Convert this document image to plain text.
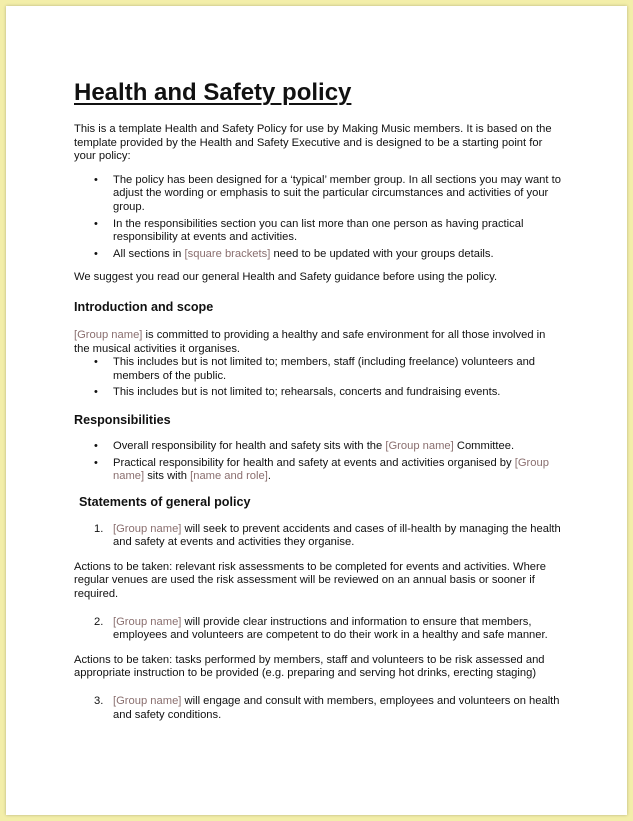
Health and Safety policy

This is a template Health and Safety Policy for use by Making Music members. It is based on the template provided by the Health and Safety Executive and is designed to be a starting point for your policy:

• The policy has been designed for a ‘typical’ member group. In all sections you may want to adjust the wording or emphasis to suit the particular circumstances and activities of your group.
• In the responsibilities section you can list more than one person as having practical responsibility at events and activities.
• All sections in [square brackets] need to be updated with your groups details.

We suggest you read our general Health and Safety guidance before using the policy.

Introduction and scope

[Group name] is committed to providing a healthy and safe environment for all those involved in the musical activities it organises.

• This includes but is not limited to; members, staff (including freelance) volunteers and members of the public.
• This includes but is not limited to; rehearsals, concerts and fundraising events.
Responsibilities
• Overall responsibility for health and safety sits with the [Group name] Committee.
• Practical responsibility for health and safety at events and activities organised by [Group name] sits with [name and role].
Statements of general policy
1. [Group name] will seek to prevent accidents and cases of ill-health by managing the health and safety at events and activities they organise.

Actions to be taken: relevant risk assessments to be completed for events and activities. Where regular venues are used the risk assessment will be reviewed on an annual basis or sooner if required.

2. [Group name] will provide clear instructions and information to ensure that members, employees and volunteers are competent to do their work in a healthy and safe manner.

Actions to be taken: tasks performed by members, staff and volunteers to be risk assessed and appropriate instruction to be provided (e.g. preparing and serving hot drinks, erecting staging)

3. [Group name] will engage and consult with members, employees and volunteers on health and safety conditions.
